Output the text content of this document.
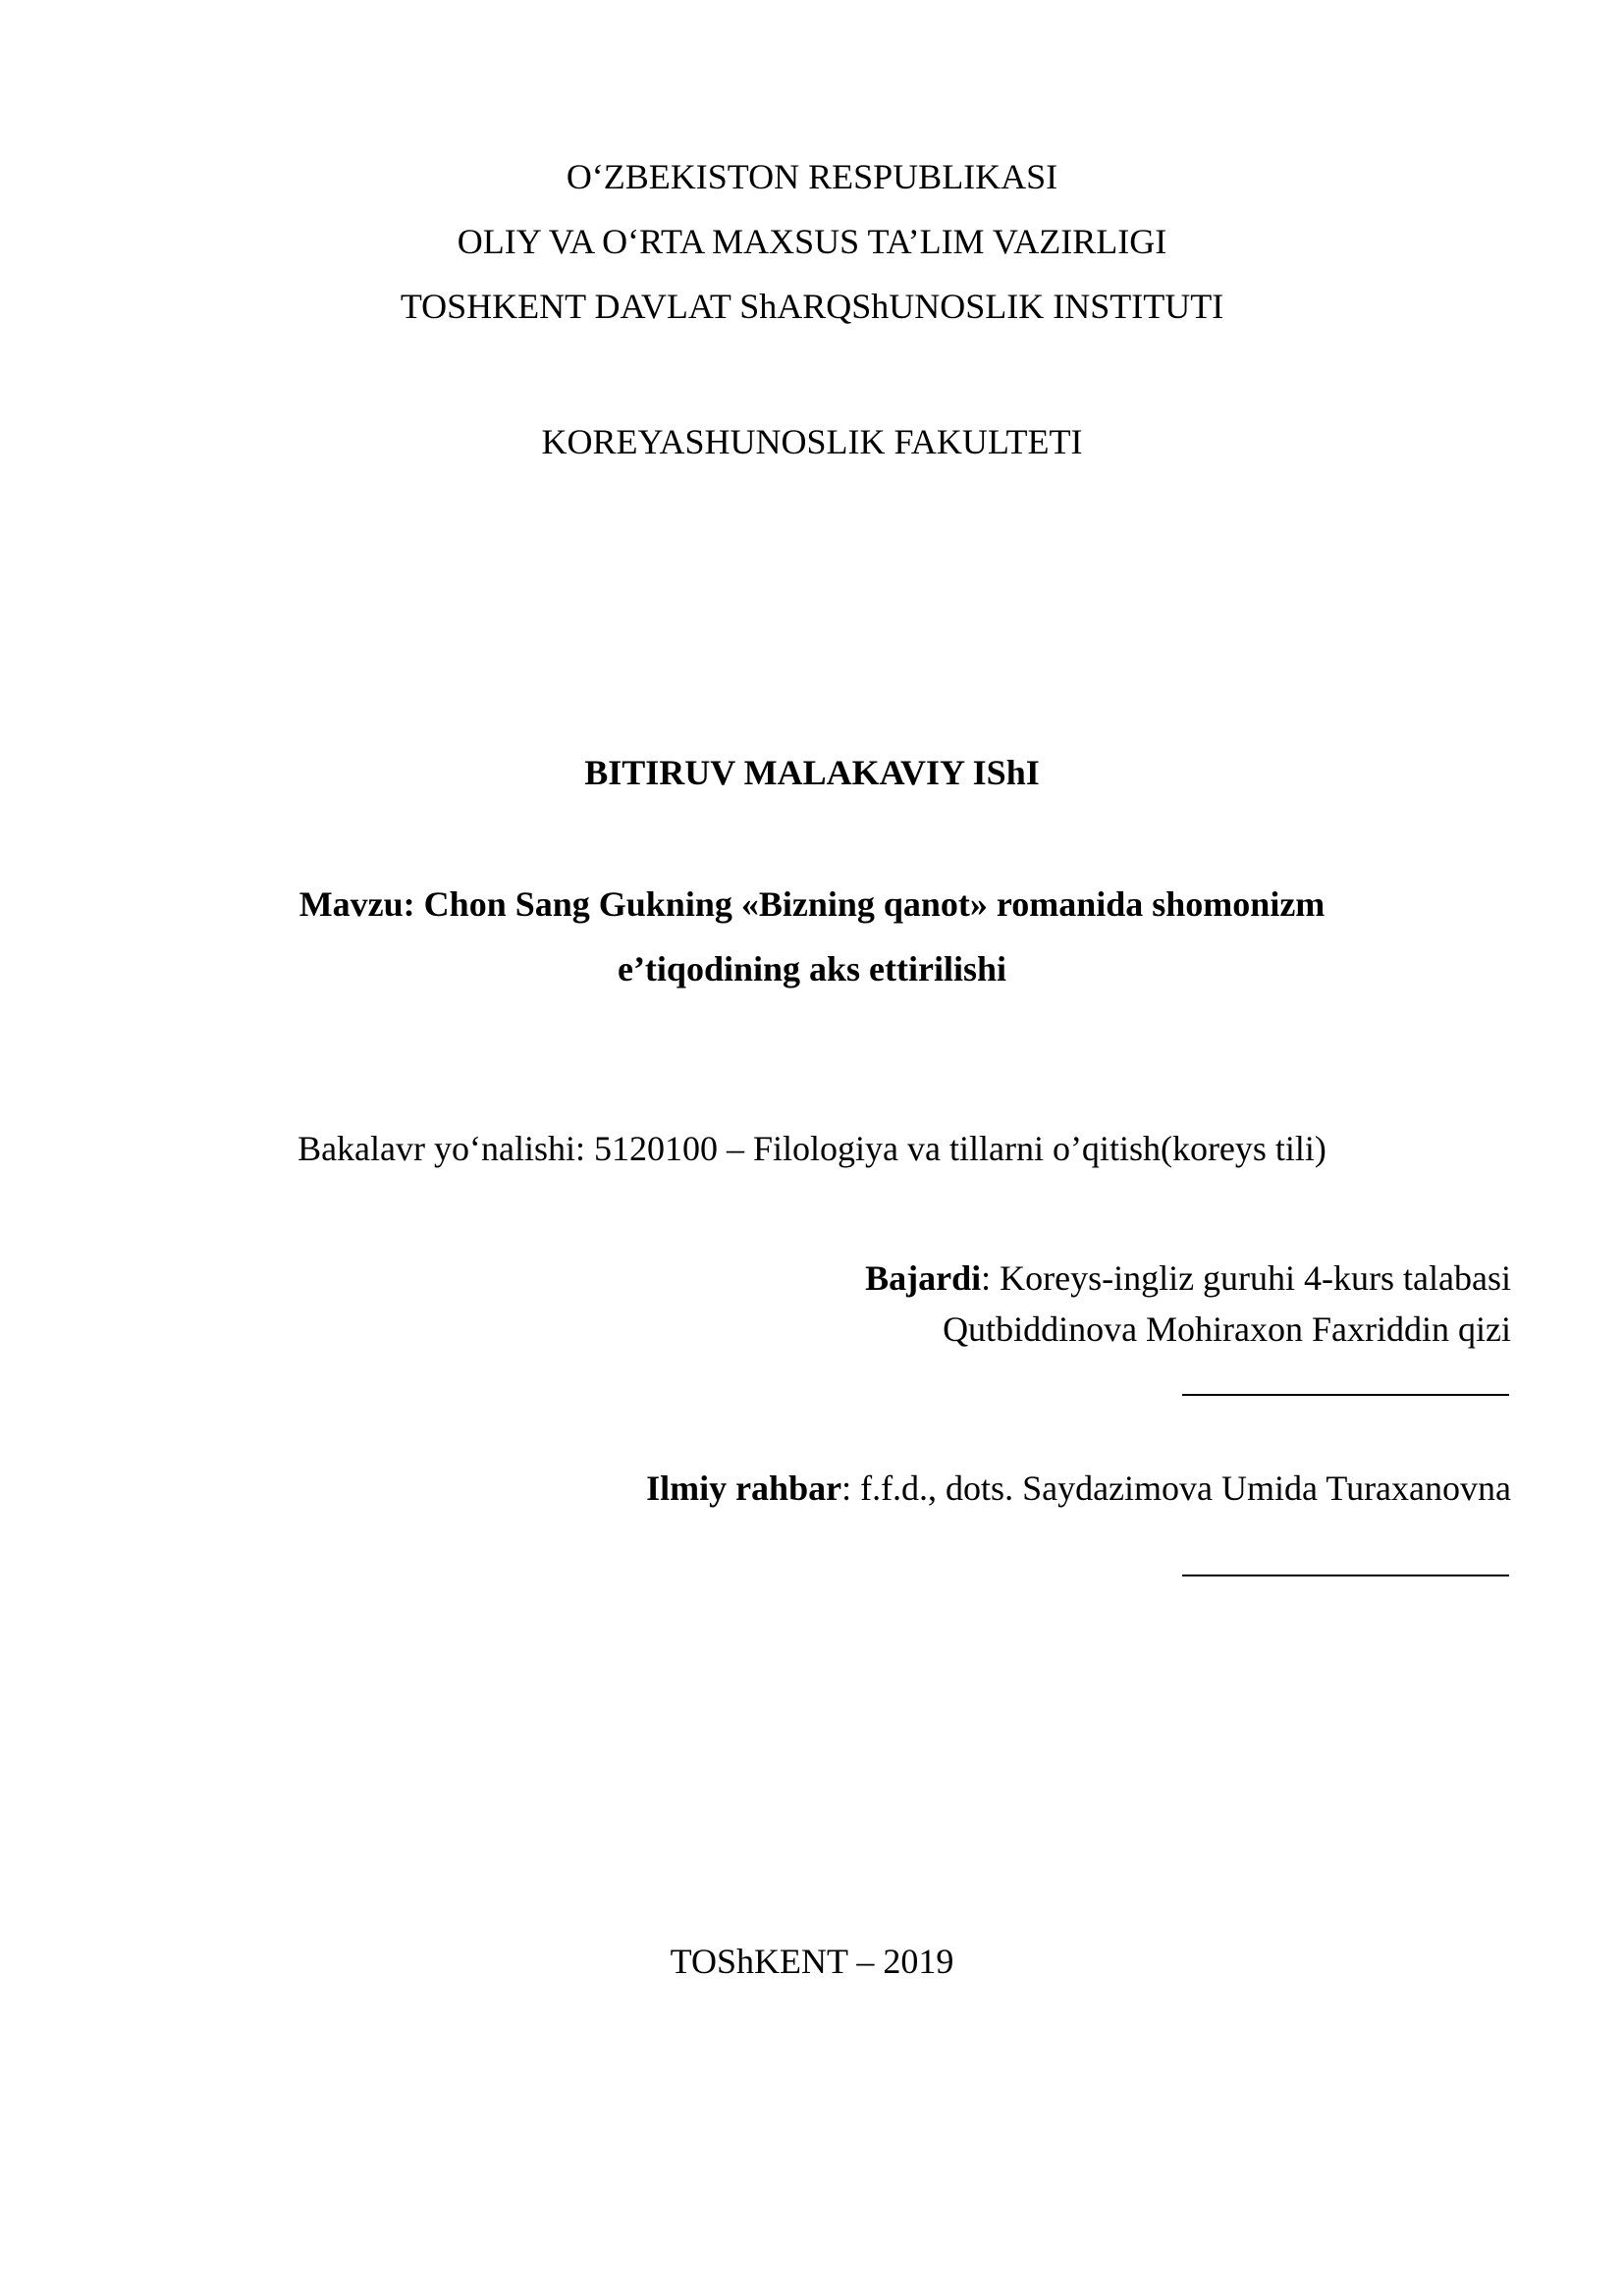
O‘ZBEKISTON RESPUBLIKASI
OLIY VA O‘RTA MAXSUS TA’LIM VAZIRLIGI
TOSHKENT DAVLAT ShARQShUNOSLIK INSTITUTI
KOREYASHUNOSLIK FAKULTETI
BITIRUV MALAKAVIY IShI
Mavzu: Chon Sang Gukning «Bizning qanot» romanida shomonizm
e’tiqodining aks ettirilishi
Bakalavr yo‘nalishi: 5120100 – Filologiya va tillarni o’qitish(koreys tili)
Bajardi: Koreys-ingliz guruhi 4-kurs talabasi
Qutbiddinova Mohiraxon Faxriddin qizi
Ilmiy rahbar: f.f.d., dots. Saydazimova Umida Turaxanovna
TOShKENT – 2019
